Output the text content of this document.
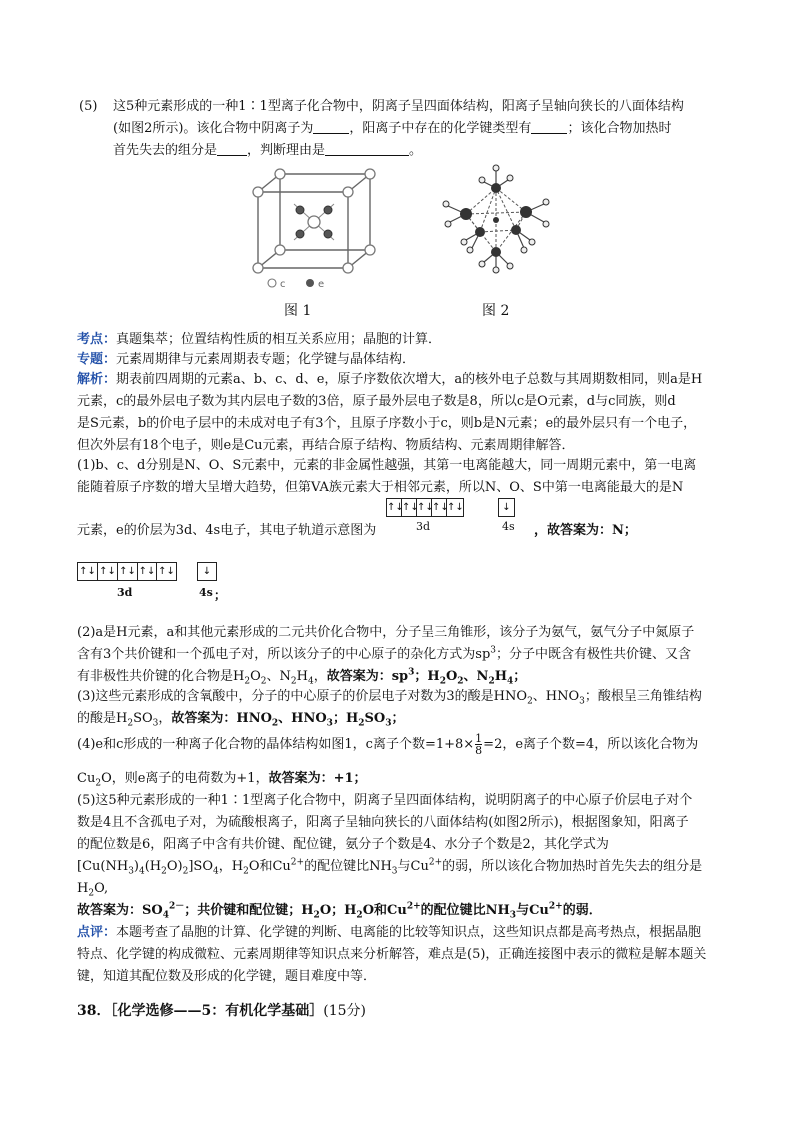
(5) 这5种元素形成的一种1∶1型离子化合物中，阴离子呈四面体结构，阳离子呈轴向狭长的八面体结构
(如图2所示)。该化合物中阴离子为	，阳离子中存在的化学键类型有	；该化合物加热时
首先失去的组分是 ，判断理由是	。
c	e
图 1	图 2
考点：真题集萃；位置结构性质的相互关系应用；晶胞的计算．
专题：元素周期律与元素周期表专题；化学键与晶体结构．
解析：期表前四周期的元素a、b、c、d、e，原子序数依次增大，a的核外电子总数与其周期数相同，则a是H
元素，c的最外层电子数为其内层电子数的3倍，原子最外层电子数是8，所以c是O元素，d与c同族，则d
是S元素，b的价电子层中的未成对电子有3个，且原子序数小于c，则b是N元素；e的最外层只有一个电子，
但次外层有18个电子，则e是Cu元素，再结合原子结构、物质结构、元素周期律解答．
(1)b、c、d分别是N、O、S元素中，元素的非金属性越强，其第一电离能越大，同一周期元素中，第一电离
能随着原子序数的增大呈增大趋势，但第VA族元素大于相邻元素，所以N、O、S中第一电离能最大的是N
元素，e的价层为3d、4s电子，其电子轨道示意图为
↑↓
↑↓
↑↓
↑↓
↑↓	↓
3d	4s ，故答案为：N；
↑↓ ↑↓ ↑↓ ↑↓ ↑↓	↓
3d	4s ；
(2)a是H元素，a和其他元素形成的二元共价化合物中，分子呈三角锥形，该分子为氨气，氨气分子中氮原子
含有3个共价键和一个孤电子对，所以该分子的中心原子的杂化方式为$sp^3$；分子中既含有极性共价键、又含
有非极性共价键的化合物是$H_2O_2$、$N_2H_4$，故答案为：$sp^3$；$H_2O_2$、$N_2H_4$；
(3)这些元素形成的含氧酸中，分子的中心原子的价层电子对数为3的酸是$HNO_2$、$HNO_3$；酸根呈三角锥结构
的酸是$H_2SO_3$，故答案为：$HNO_2$、$HNO_3$；$H_2SO_3$；
(4)e和c形成的一种离子化合物的晶体结构如图1，c离子个数$=1+8\times \frac{1}{8} =2$，e离子个数=4，所以该化合物为
$Cu_2O$，则e离子的电荷数为+1，故答案为：+1；
(5)这5种元素形成的一种1∶1型离子化合物中，阴离子呈四面体结构，说明阴离子的中心原子价层电子对个
数是4且不含孤电子对，为硫酸根离子，阳离子呈轴向狭长的八面体结构(如图2所示)，根据图象知，阳离子
的配位数是6，阳离子中含有共价键、配位键，氨分子个数是4、水分子个数是2，其化学式为
$[Cu(NH_3)_4(H_2O)_2]SO_4$，$H_2O$和$Cu^{2+}$的配位键比$NH_3$与$Cu^{2+}$的弱，所以该化合物加热时首先失去的组分是
$H_2O$,
故答案为：$SO_4^{2-}$；共价键和配位键；$H_2O$；$H_2O$和$Cu^{2+}$的配位键比$NH_3$与$Cu^{2+}$的弱．
点评：本题考查了晶胞的计算、化学键的判断、电离能的比较等知识点，这些知识点都是高考热点，根据晶胞
特点、化学键的构成微粒、元素周期律等知识点来分析解答，难点是(5)，正确连接图中表示的微粒是解本题关
键，知道其配位数及形成的化学键，题目难度中等．
38．［化学选修——5：有机化学基础］(15分)
